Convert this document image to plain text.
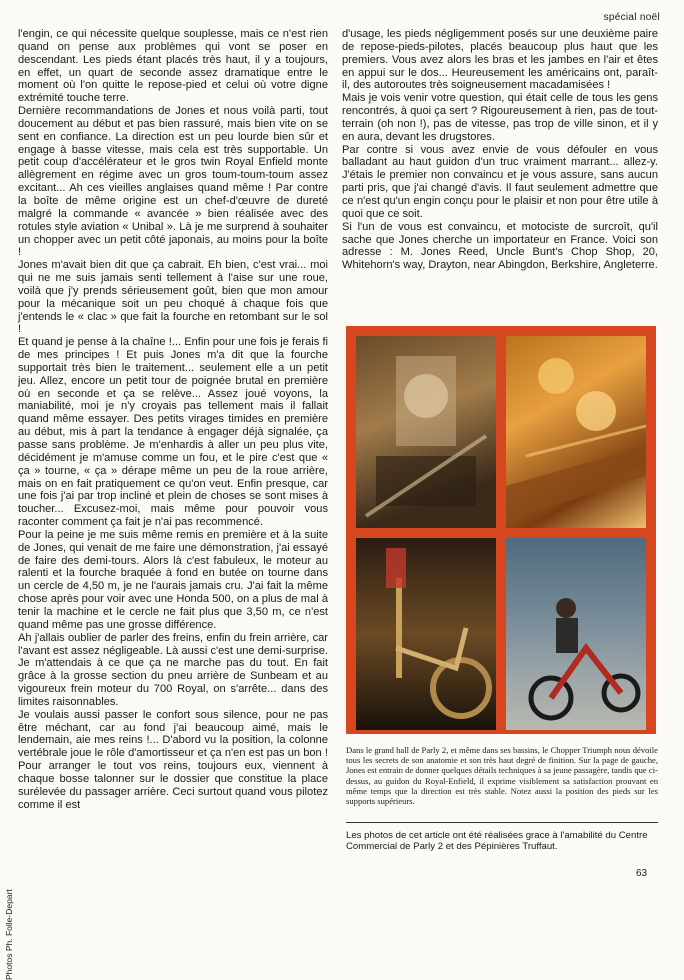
spécial noël

l'engin, ce qui nécessite quelque souplesse, mais ce n'est rien quand on pense aux problèmes qui vont se poser en descendant. Les pieds étant placés très haut, il y a toujours, en effet, un quart de seconde assez dramatique entre le moment où l'on quitte le repose-pied et celui où votre digne extrémité touche terre.

Dernière recommandations de Jones et nous voilà parti, tout doucement au début et pas bien rassuré, mais bien vite on se sent en confiance. La direction est un peu lourde bien sûr et engage à basse vitesse, mais cela est très supportable. Un petit coup d'accélérateur et le gros twin Royal Enfield monte allègrement en régime avec un gros toum-toum-toum assez excitant... Ah ces vieilles anglaises quand même ! Par contre la boîte de même origine est un chef-d'œuvre de dureté malgré la commande « avancée » bien réalisée avec des rotules style aviation « Unibal ». Là je me surprend à souhaiter un chopper avec un petit côté japonais, au moins pour la boîte !

Jones m'avait bien dit que ça cabrait. Eh bien, c'est vrai... moi qui ne me suis jamais senti tellement à l'aise sur une roue, voilà que j'y prends sérieusement goût, bien que mon amour pour la mécanique soit un peu choqué à chaque fois que j'entends le « clac » que fait la fourche en retombant sur le sol !

Et quand je pense à la chaîne !... Enfin pour une fois je ferais fi de mes principes ! Et puis Jones m'a dit que la fourche supportait très bien le traitement... seulement elle a un petit jeu. Allez, encore un petit tour de poignée brutal en première où en seconde et ça se relève... Assez joué voyons, la maniabilité, moi je n'y croyais pas tellement mais il fallait quand même essayer. Des petits virages timides en première au début, mis à part la tendance à engager déjà signalée, ça passe sans problème. Je m'enhardis à aller un peu plus vite, décidément je m'amuse comme un fou, et le pire c'est que « ça » tourne, « ça » dérape même un peu de la roue arrière, mais on en fait pratiquement ce qu'on veut. Enfin presque, car une fois j'ai par trop incliné et plein de choses se sont mises à toucher... Excusez-moi, mais même pour pouvoir vous raconter comment ça fait je n'ai pas recommencé.

Pour la peine je me suis même remis en première et à la suite de Jones, qui venait de me faire une démonstration, j'ai essayé de faire des demi-tours. Alors là c'est fabuleux, le moteur au ralenti et la fourche braquée à fond en butée on tourne dans un cercle de 4,50 m, je ne l'aurais jamais cru. J'ai fait la même chose après pour voir avec une Honda 500, on a plus de mal à tenir la machine et le cercle ne fait plus que 3,50 m, ce n'est quand même pas une grosse différence.

Ah j'allais oublier de parler des freins, enfin du frein arrière, car l'avant est assez négligeable. Là aussi c'est une demi-surprise. Je m'attendais à ce que ça ne marche pas du tout. En fait grâce à la grosse section du pneu arrière de Sunbeam et au vigoureux frein moteur du 700 Royal, on s'arrête... dans des limites raisonnables.

Je voulais aussi passer le confort sous silence, pour ne pas être méchant, car au fond j'ai beaucoup aimé, mais le lendemain, aie mes reins !... D'abord vu la position, la colonne vertébrale joue le rôle d'amortisseur et ça n'en est pas un bon ! Pour arranger le tout vos reins, toujours eux, viennent à chaque bosse talonner sur le dossier que constitue la place surélevée du passager arrière. Ceci surtout quand vous pilotez comme il est

d'usage, les pieds négligemment posés sur une deuxième paire de repose-pieds-pilotes, placés beaucoup plus haut que les premiers. Vous avez alors les bras et les jambes en l'air et êtes en appui sur le dos... Heureusement les américains ont, paraît-il, des autoroutes très soigneusement macadamisées !

Mais je vois venir votre question, qui était celle de tous les gens rencontrés, à quoi ça sert ? Rigoureusement à rien, pas de tout-terrain (oh non !), pas de vitesse, pas trop de ville sinon, et il y en aura, devant les drugstores.

Par contre si vous avez envie de vous défouler en vous balladant au haut guidon d'un truc vraiment marrant... allez-y. J'étais le premier non convaincu et je vous assure, sans aucun parti pris, que j'ai changé d'avis. Il faut seulement admettre que ce n'est qu'un engin conçu pour le plaisir et non pour être utile à quoi que ce soit.

Si l'un de vous est convaincu, et motociste de surcroît, qu'il sache que Jones cherche un importateur en France. Voici son adresse : M. Jones Reed, Uncle Bunt's Chop Shop, 20, Whitehorn's way, Drayton, near Abingdon, Berkshire, Angleterre.

Photos Ph. Folle-Depart
Dans le grand hall de Parly 2, et même dans ses bassins, le Chopper Triumph nous dévoile tous les secrets de son anatomie et son très haut degré de finition. Sur la page de gauche, Jones est entrain de donner quelques détails techniques à sa jeune passagère, tandis que ci-dessus, au guidon du Royal-Enfield, il exprime visiblement sa satisfaction prouvant en même temps que la direction est très stable. Notez aussi la position des pieds sur les supports supérieurs.
Les photos de cet article ont été réalisées grace à l'amabilité du Centre Commercial de Parly 2 et des Pépinières Truffaut.
63
